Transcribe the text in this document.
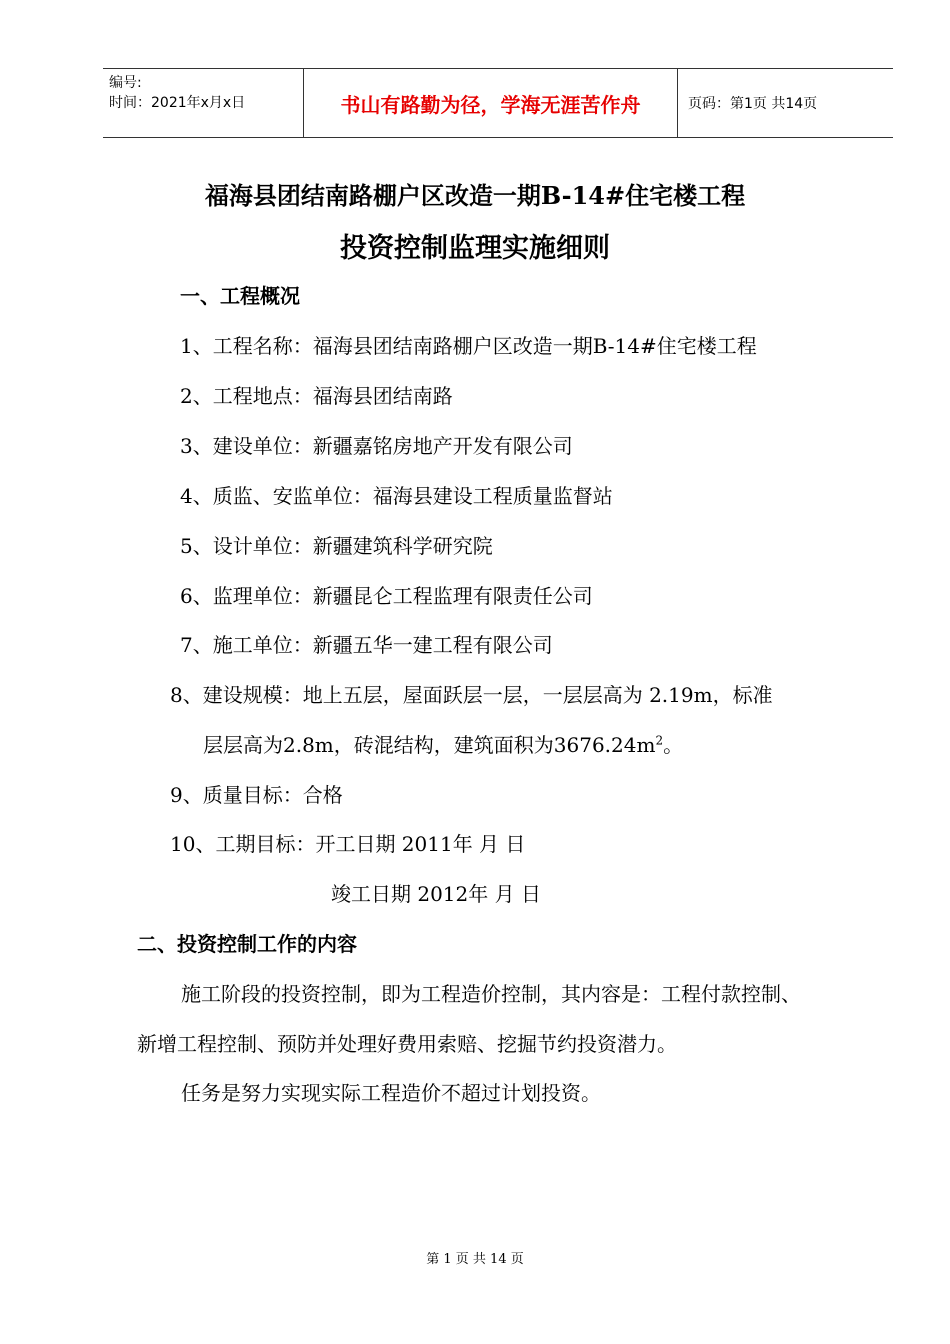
编号:
时间：2021年x月x日	书山有路勤为径，学海无涯苦作舟	页码：第1页 共14页
福海县团结南路棚户区改造一期B-14#住宅楼工程
投资控制监理实施细则
一、工程概况
1、工程名称：福海县团结南路棚户区改造一期B-14#住宅楼工程
2、工程地点：福海县团结南路
3、建设单位：新疆嘉铭房地产开发有限公司
4、质监、安监单位：福海县建设工程质量监督站
5、设计单位：新疆建筑科学研究院
6、监理单位：新疆昆仑工程监理有限责任公司
7、施工单位：新疆五华一建工程有限公司
8、建设规模：地上五层，屋面跃层一层，一层层高为 2.19m，标准
层层高为2.8m，砖混结构，建筑面积为$3676.24m^2$。
9、质量目标：合格
10、工期目标：开工日期 2011年 月 日
竣工日期 2012年 月 日
二、投资控制工作的内容
施工阶段的投资控制，即为工程造价控制，其内容是：工程付款控制、
新增工程控制、预防并处理好费用索赔、挖掘节约投资潜力。
任务是努力实现实际工程造价不超过计划投资。
第 1 页 共 14 页
